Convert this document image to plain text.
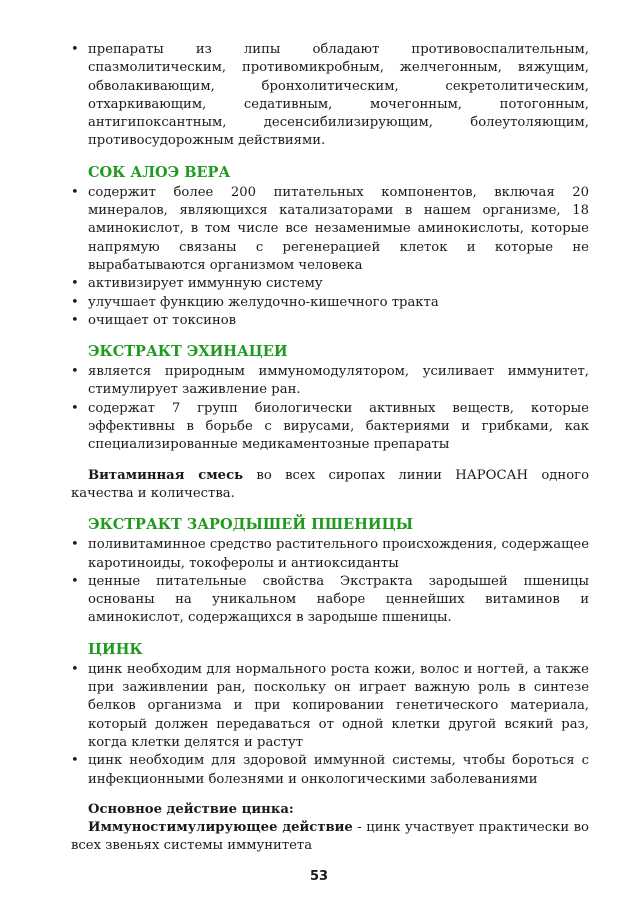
• препараты из липы обладают противовоспалительным, спазмолитическим, противомикробным, желчегонным, вяжущим, обволакивающим, бронхолитическим, секретолитическим, отхаркивающим, седативным, мочегонным, потогонным, антигипоксантным, десенсибилизирующим, болеутоляющим, противосудорожным действиями.
СОК АЛОЭ ВЕРА
• содержит более 200 питательных компонентов, включая 20 минералов, являющихся катализаторами в нашем организме, 18 аминокислот, в том числе все незаменимые аминокислоты, которые напрямую связаны с регенерацией клеток и которые не вырабатываются организмом человека
• активизирует иммунную систему
• улучшает функцию желудочно-кишечного тракта
• очищает от токсинов
ЭКСТРАКТ ЭХИНАЦЕИ
• является природным иммуномодулятором, усиливает иммунитет, стимулирует заживление ран.
• содержат 7 групп биологически активных веществ, которые эффективны в борьбе с вирусами, бактериями и грибками, как специализированные медикаментозные препараты
Витаминная смесь во всех сиропах линии НАРОСАН одного качества и количества.
ЭКСТРАКТ ЗАРОДЫШЕЙ ПШЕНИЦЫ
• поливитаминное средство растительного происхождения, содержащее каротиноиды, токоферолы и антиоксиданты
• ценные питательные свойства Экстракта зародышей пшеницы основаны на уникальном наборе ценнейших витаминов и аминокислот, содержащихся в зародыше пшеницы.
ЦИНК
• цинк необходим для нормального роста кожи, волос и ногтей, а также при заживлении ран, поскольку он играет важную роль в синтезе белков организма и при копировании генетического материала, который должен передаваться от одной клетки другой всякий раз, когда клетки делятся и растут
• цинк необходим для здоровой иммунной системы, чтобы бороться с инфекционными болезнями и онкологическими заболеваниями
Основное действие цинка:
Иммуностимулирующее действие - цинк участвует практически во всех звеньях системы иммунитета
53
